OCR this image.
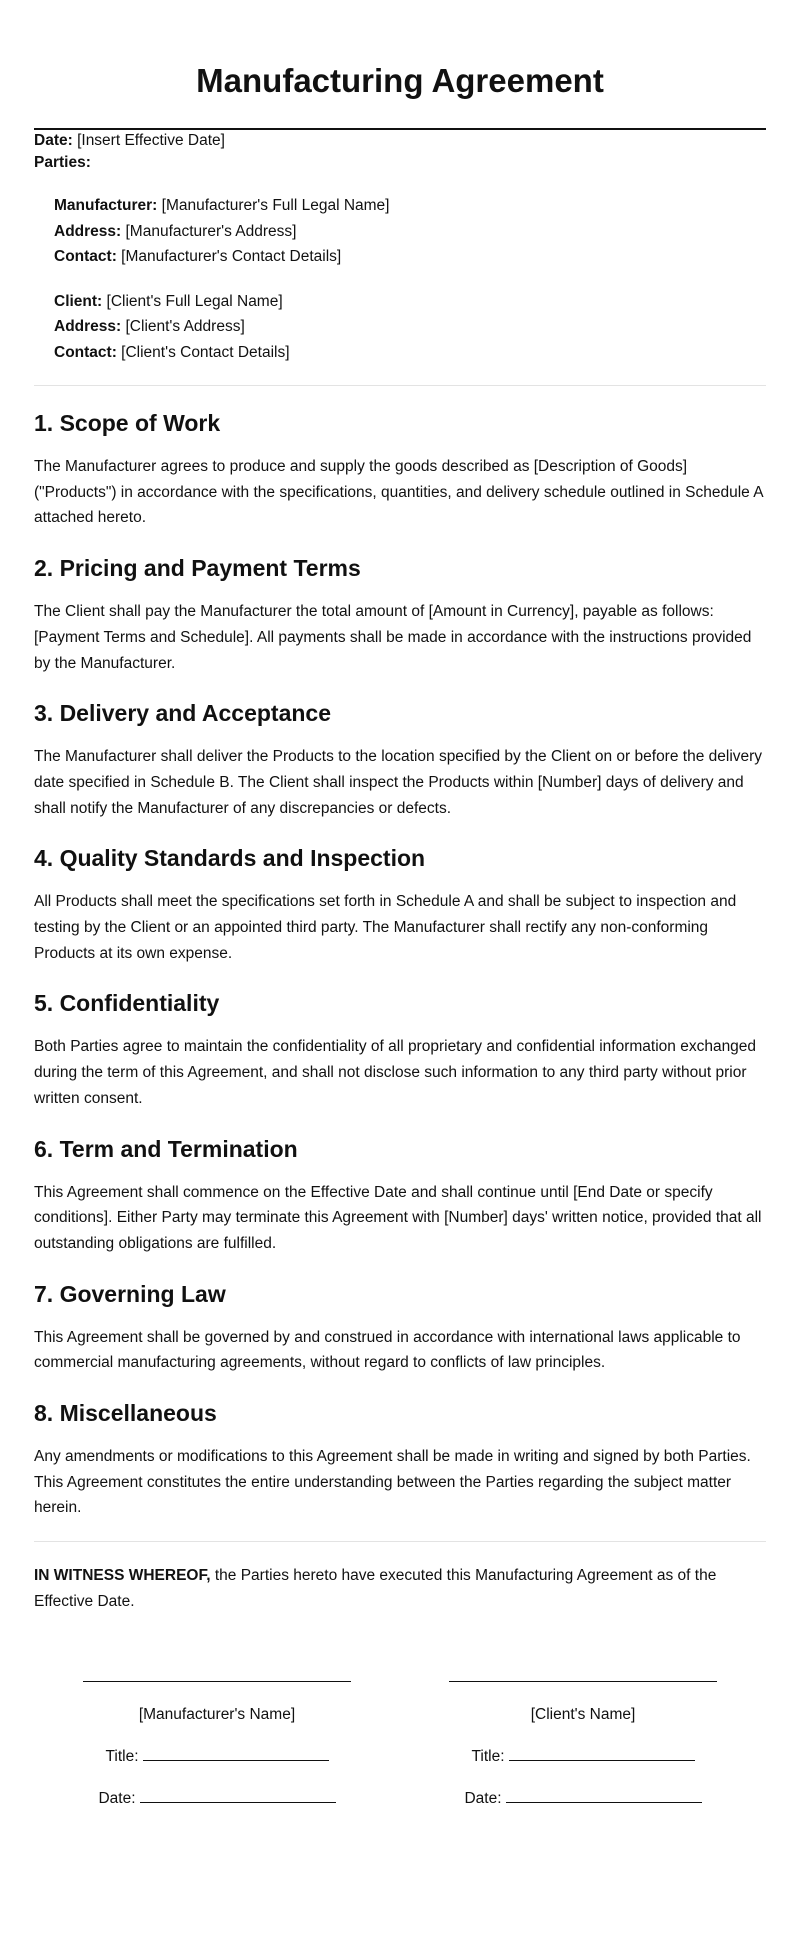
Manufacturing Agreement

Date: [Insert Effective Date]

Parties:

Manufacturer: [Manufacturer's Full Legal Name]

Address: [Manufacturer's Address]

Contact: [Manufacturer's Contact Details]

Client: [Client's Full Legal Name]

Address: [Client's Address]

Contact: [Client's Contact Details]

1. Scope of Work

The Manufacturer agrees to produce and supply the goods described as [Description of Goods] ("Products") in accordance with the specifications, quantities, and delivery schedule outlined in Schedule A attached hereto.

2. Pricing and Payment Terms

The Client shall pay the Manufacturer the total amount of [Amount in Currency], payable as follows: [Payment Terms and Schedule]. All payments shall be made in accordance with the instructions provided by the Manufacturer.

3. Delivery and Acceptance

The Manufacturer shall deliver the Products to the location specified by the Client on or before the delivery date specified in Schedule B. The Client shall inspect the Products within [Number] days of delivery and shall notify the Manufacturer of any discrepancies or defects.

4. Quality Standards and Inspection

All Products shall meet the specifications set forth in Schedule A and shall be subject to inspection and testing by the Client or an appointed third party. The Manufacturer shall rectify any non-conforming Products at its own expense.

5. Confidentiality

Both Parties agree to maintain the confidentiality of all proprietary and confidential information exchanged during the term of this Agreement, and shall not disclose such information to any third party without prior written consent.

6. Term and Termination

This Agreement shall commence on the Effective Date and shall continue until [End Date or specify conditions]. Either Party may terminate this Agreement with [Number] days' written notice, provided that all outstanding obligations are fulfilled.

7. Governing Law

This Agreement shall be governed by and construed in accordance with international laws applicable to commercial manufacturing agreements, without regard to conflicts of law principles.

8. Miscellaneous

Any amendments or modifications to this Agreement shall be made in writing and signed by both Parties. This Agreement constitutes the entire understanding between the Parties regarding the subject matter herein.

IN WITNESS WHEREOF, the Parties hereto have executed this Manufacturing Agreement as of the Effective Date.

[Manufacturer's Name]
Title:
Date:
[Client's Name]
Title:
Date:
